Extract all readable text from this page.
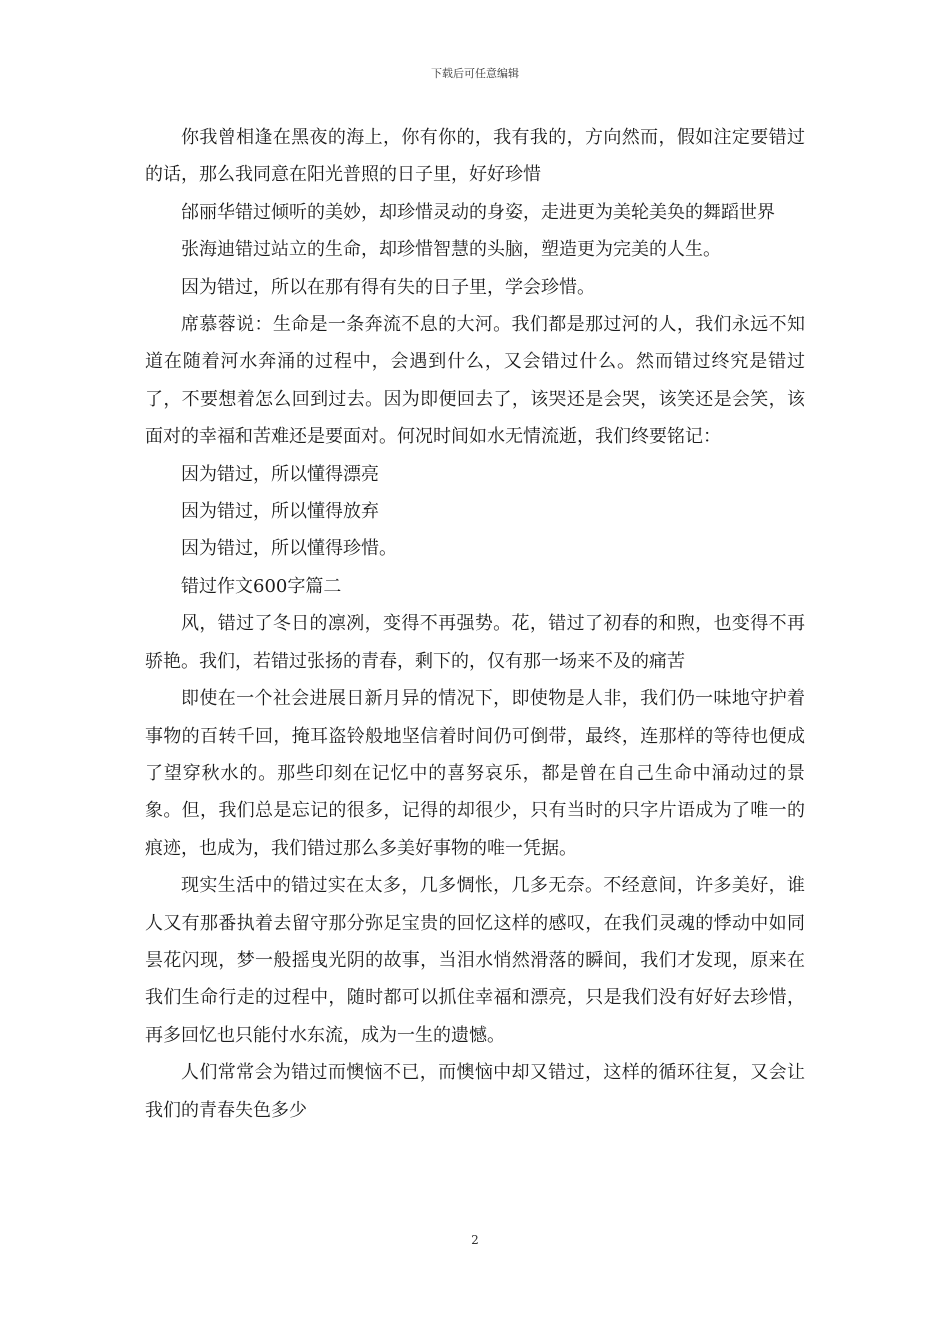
下载后可任意编辑

你我曾相逢在黑夜的海上，你有你的，我有我的，方向然而，假如注定要错过的话，那么我同意在阳光普照的日子里，好好珍惜

邰丽华错过倾听的美妙，却珍惜灵动的身姿，走进更为美轮美奂的舞蹈世界

张海迪错过站立的生命，却珍惜智慧的头脑，塑造更为完美的人生。

因为错过，所以在那有得有失的日子里，学会珍惜。

席慕蓉说：生命是一条奔流不息的大河。我们都是那过河的人，我们永远不知道在随着河水奔涌的过程中，会遇到什么，又会错过什么。然而错过终究是错过了，不要想着怎么回到过去。因为即便回去了，该哭还是会哭，该笑还是会笑，该面对的幸福和苦难还是要面对。何况时间如水无情流逝，我们终要铭记：

因为错过，所以懂得漂亮

因为错过，所以懂得放弃

因为错过，所以懂得珍惜。

错过作文600字篇二

风，错过了冬日的凛冽，变得不再强势。花，错过了初春的和煦，也变得不再骄艳。我们，若错过张扬的青春，剩下的，仅有那一场来不及的痛苦

即使在一个社会进展日新月异的情况下，即使物是人非，我们仍一味地守护着事物的百转千回，掩耳盗铃般地坚信着时间仍可倒带，最终，连那样的等待也便成了望穿秋水的。那些印刻在记忆中的喜努哀乐，都是曾在自己生命中涌动过的景象。但，我们总是忘记的很多，记得的却很少，只有当时的只字片语成为了唯一的痕迹，也成为，我们错过那么多美好事物的唯一凭据。

现实生活中的错过实在太多，几多惆怅，几多无奈。不经意间，许多美好，谁人又有那番执着去留守那分弥足宝贵的回忆这样的感叹，在我们灵魂的悸动中如同昙花闪现，梦一般摇曳光阴的故事，当泪水悄然滑落的瞬间，我们才发现，原来在我们生命行走的过程中，随时都可以抓住幸福和漂亮，只是我们没有好好去珍惜，再多回忆也只能付水东流，成为一生的遗憾。

人们常常会为错过而懊恼不已，而懊恼中却又错过，这样的循环往复，又会让我们的青春失色多少

2
